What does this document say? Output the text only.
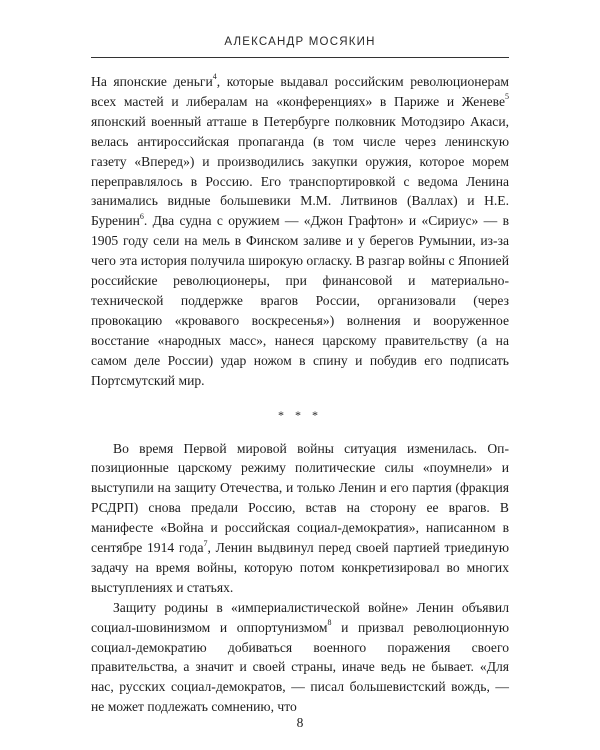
АЛЕКСАНДР МОСЯКИН

На японские деньги$^4$, которые выдавал российским революционерам всех мастей и либералам на «конференциях» в Париже и Женеве$^5$ японский военный атташе в Петербурге полковник Мотодзиро Акаси, велась антироссийская пропаганда (в том числе через ленинскую газету «Вперед») и производились закупки оружия, которое морем переправлялось в Россию. Его транспортировкой с ведома Ленина занимались видные большевики М.М. Литвинов (Валлах) и Н.Е. Буренин$^6$. Два судна с оружием — «Джон Графтон» и «Сириус» — в 1905 году сели на мель в Финском заливе и у берегов Румынии, из-за чего эта история получила широкую огласку. В разгар войны с Японией российские революционеры, при финансовой и материально-технической поддержке врагов России, организовали (через провокацию «кровавого воскресенья») волнения и вооруженное восстание «народных масс», нанеся царскому правительству (а на самом деле России) удар ножом в спину и побудив его подписать Портсмутский мир.

* * *

Во время Первой мировой войны ситуация изменилась. Оппозиционные царскому режиму политические силы «поумнели» и выступили на защиту Отечества, и только Ленин и его партия (фракция РСДРП) снова предали Россию, встав на сторону ее врагов. В манифесте «Война и российская социал-демократия», написанном в сентябре 1914 года$^7$, Ленин выдвинул перед своей партией триединую задачу на время войны, которую потом конкретизировал во многих выступлениях и статьях.

Защиту родины в «империалистической войне» Ленин объявил социал-шовинизмом и оппортунизмом$^8$ и призвал революционную социал-демократию добиваться военного поражения своего правительства, а значит и своей страны, иначе ведь не бывает. «Для нас, русских социал-демократов, — писал большевистский вождь, — не может подлежать сомнению, что

8
